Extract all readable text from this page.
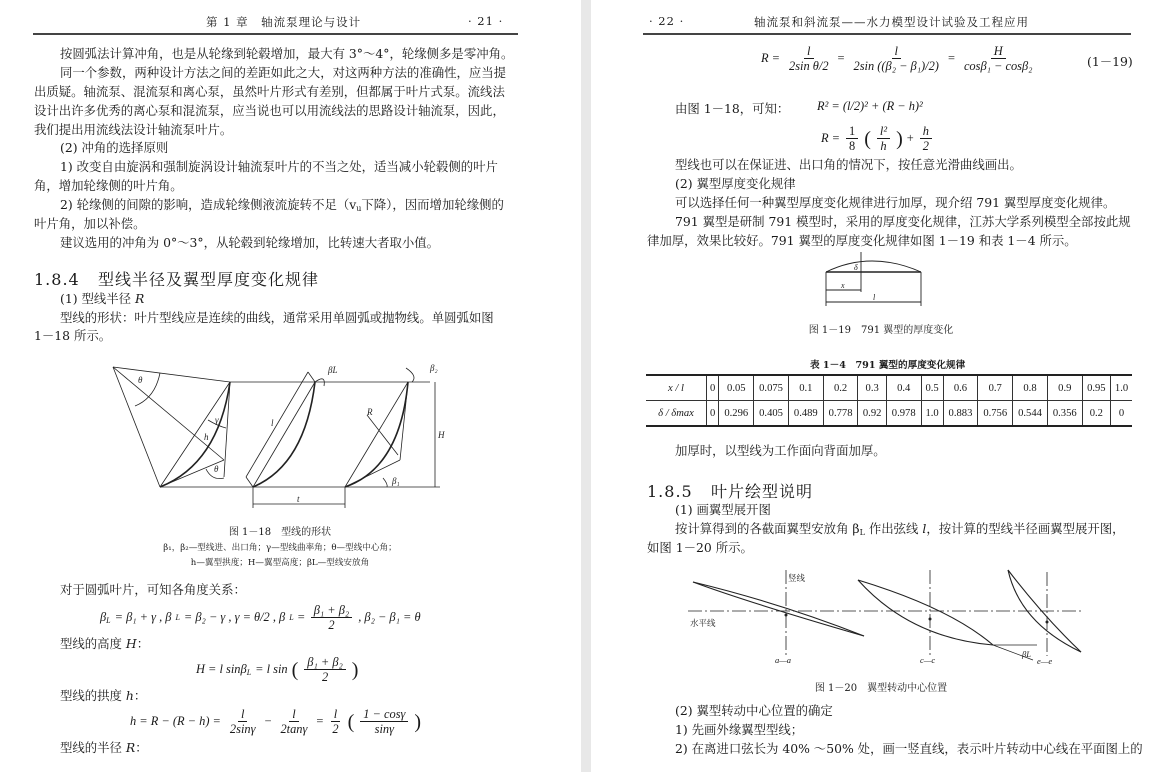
第 1 章　轴流泵理论与设计	· 21 ·
按圆弧法计算冲角，也是从轮缘到轮毂增加，最大有 3°～4°，轮缘侧多是零冲角。
同一个参数，两种设计方法之间的差距如此之大，对这两种方法的准确性，应当提
出质疑。轴流泵、混流泵和离心泵，虽然叶片形式有差别，但都属于叶片式泵。流线法
设计出许多优秀的离心泵和混流泵，应当说也可以用流线法的思路设计轴流泵，因此，
我们提出用流线法设计轴流泵叶片。
(2) 冲角的选择原则
1) 改变自由旋涡和强制旋涡设计轴流泵叶片的不当之处，适当减小轮毂侧的叶片
角，增加轮缘侧的叶片角。
2) 轮缘侧的间隙的影响，造成轮缘侧液流旋转不足（$v_u$下降），因而增加轮缘侧的
叶片角，加以补偿。
建议选用的冲角为 0°～3°，从轮毂到轮缘增加，比转速大者取小值。
1.8.4 型线半径及翼型厚度变化规律
(1) 型线半径 R
型线的形状：叶片型线应是连续的曲线，通常采用单圆弧或抛物线。单圆弧如图
1－18 所示。
θ
γ
h
θ
l
R
H
t
βL	β₂
β₁
图 1－18　型线的形状
β₁，β₂—型线进、出口角；γ—型线曲率角；θ—型线中心角；
h—翼型拱度；H—翼型高度；βL—型线安放角
对于圆弧叶片，可知各角度关系：
$\beta_L = \beta_1 + \gamma$ , β L = β₂ − γ , γ = θ/2 , β $L = \frac{\text{β₁ + β₂}}{2}$ , β₂ − β₁ = θ
型线的高度 H：
H = l sinβ$_L$ = l sin ( $\frac{\text{β₁ + β₂}}{2}$ )
型线的拱度 h：
$h = R - (R - h) = \frac{l}{2\sin\gamma} - \frac{l}{2\tan\gamma} = \frac{l}{2}$ ( $\frac{1 - \cos\gamma}{\sin\gamma}$ )
型线的半径 R：
· 22 ·	轴流泵和斜流泵——水力模型设计试验及工程应用
$R = \frac{l}{\text{2sin θ/2}} = \frac{l}{\text{2sin ((β₂ − β₁)/2)}} = \frac{H}{\text{cosβ₁ − cosβ₂}}$	(1－19)
由图 1－18，可知： R² = (l/2)² + (R − h)²
$R = \frac{1}{8}$ ( $\frac{\text{l²}}{h}$ ) + $\frac{h}{2}$
型线也可以在保证进、出口角的情况下，按任意光滑曲线画出。
(2) 翼型厚度变化规律
可以选择任何一种翼型厚度变化规律进行加厚，现介绍 791 翼型厚度变化规律。
791 翼型是研制 791 模型时，采用的厚度变化规律，江苏大学系列模型全部按此规
律加厚，效果比较好。791 翼型的厚度变化规律如图 1－19 和表 1－4 所示。
δ
x
l
图 1－19　791 翼型的厚度变化
表 1－4　791 翼型的厚度变化规律
x / l	0	0.05	0.075	0.1	0.2	0.3	0.4	0.5	0.6	0.7	0.8	0.9	0.95	1.0
δ / δmax	0	0.296	0.405	0.489	0.778	0.92	0.978	1.0	0.883	0.756	0.544	0.356	0.2	0
加厚时，以型线为工作面向背面加厚。
1.8.5 叶片绘型说明
(1) 画翼型展开图
按计算得到的各截面翼型安放角 $\beta_L$ 作出弦线 l，按计算的型线半径画翼型展开图，
如图 1－20 所示。
竖线
水平线
a—a	c—c	e—e
βL
图 1－20　翼型转动中心位置
(2) 翼型转动中心位置的确定
1) 先画外缘翼型型线；
2) 在离进口弦长为 40% ～50% 处，画一竖直线，表示叶片转动中心线在平面图上的
